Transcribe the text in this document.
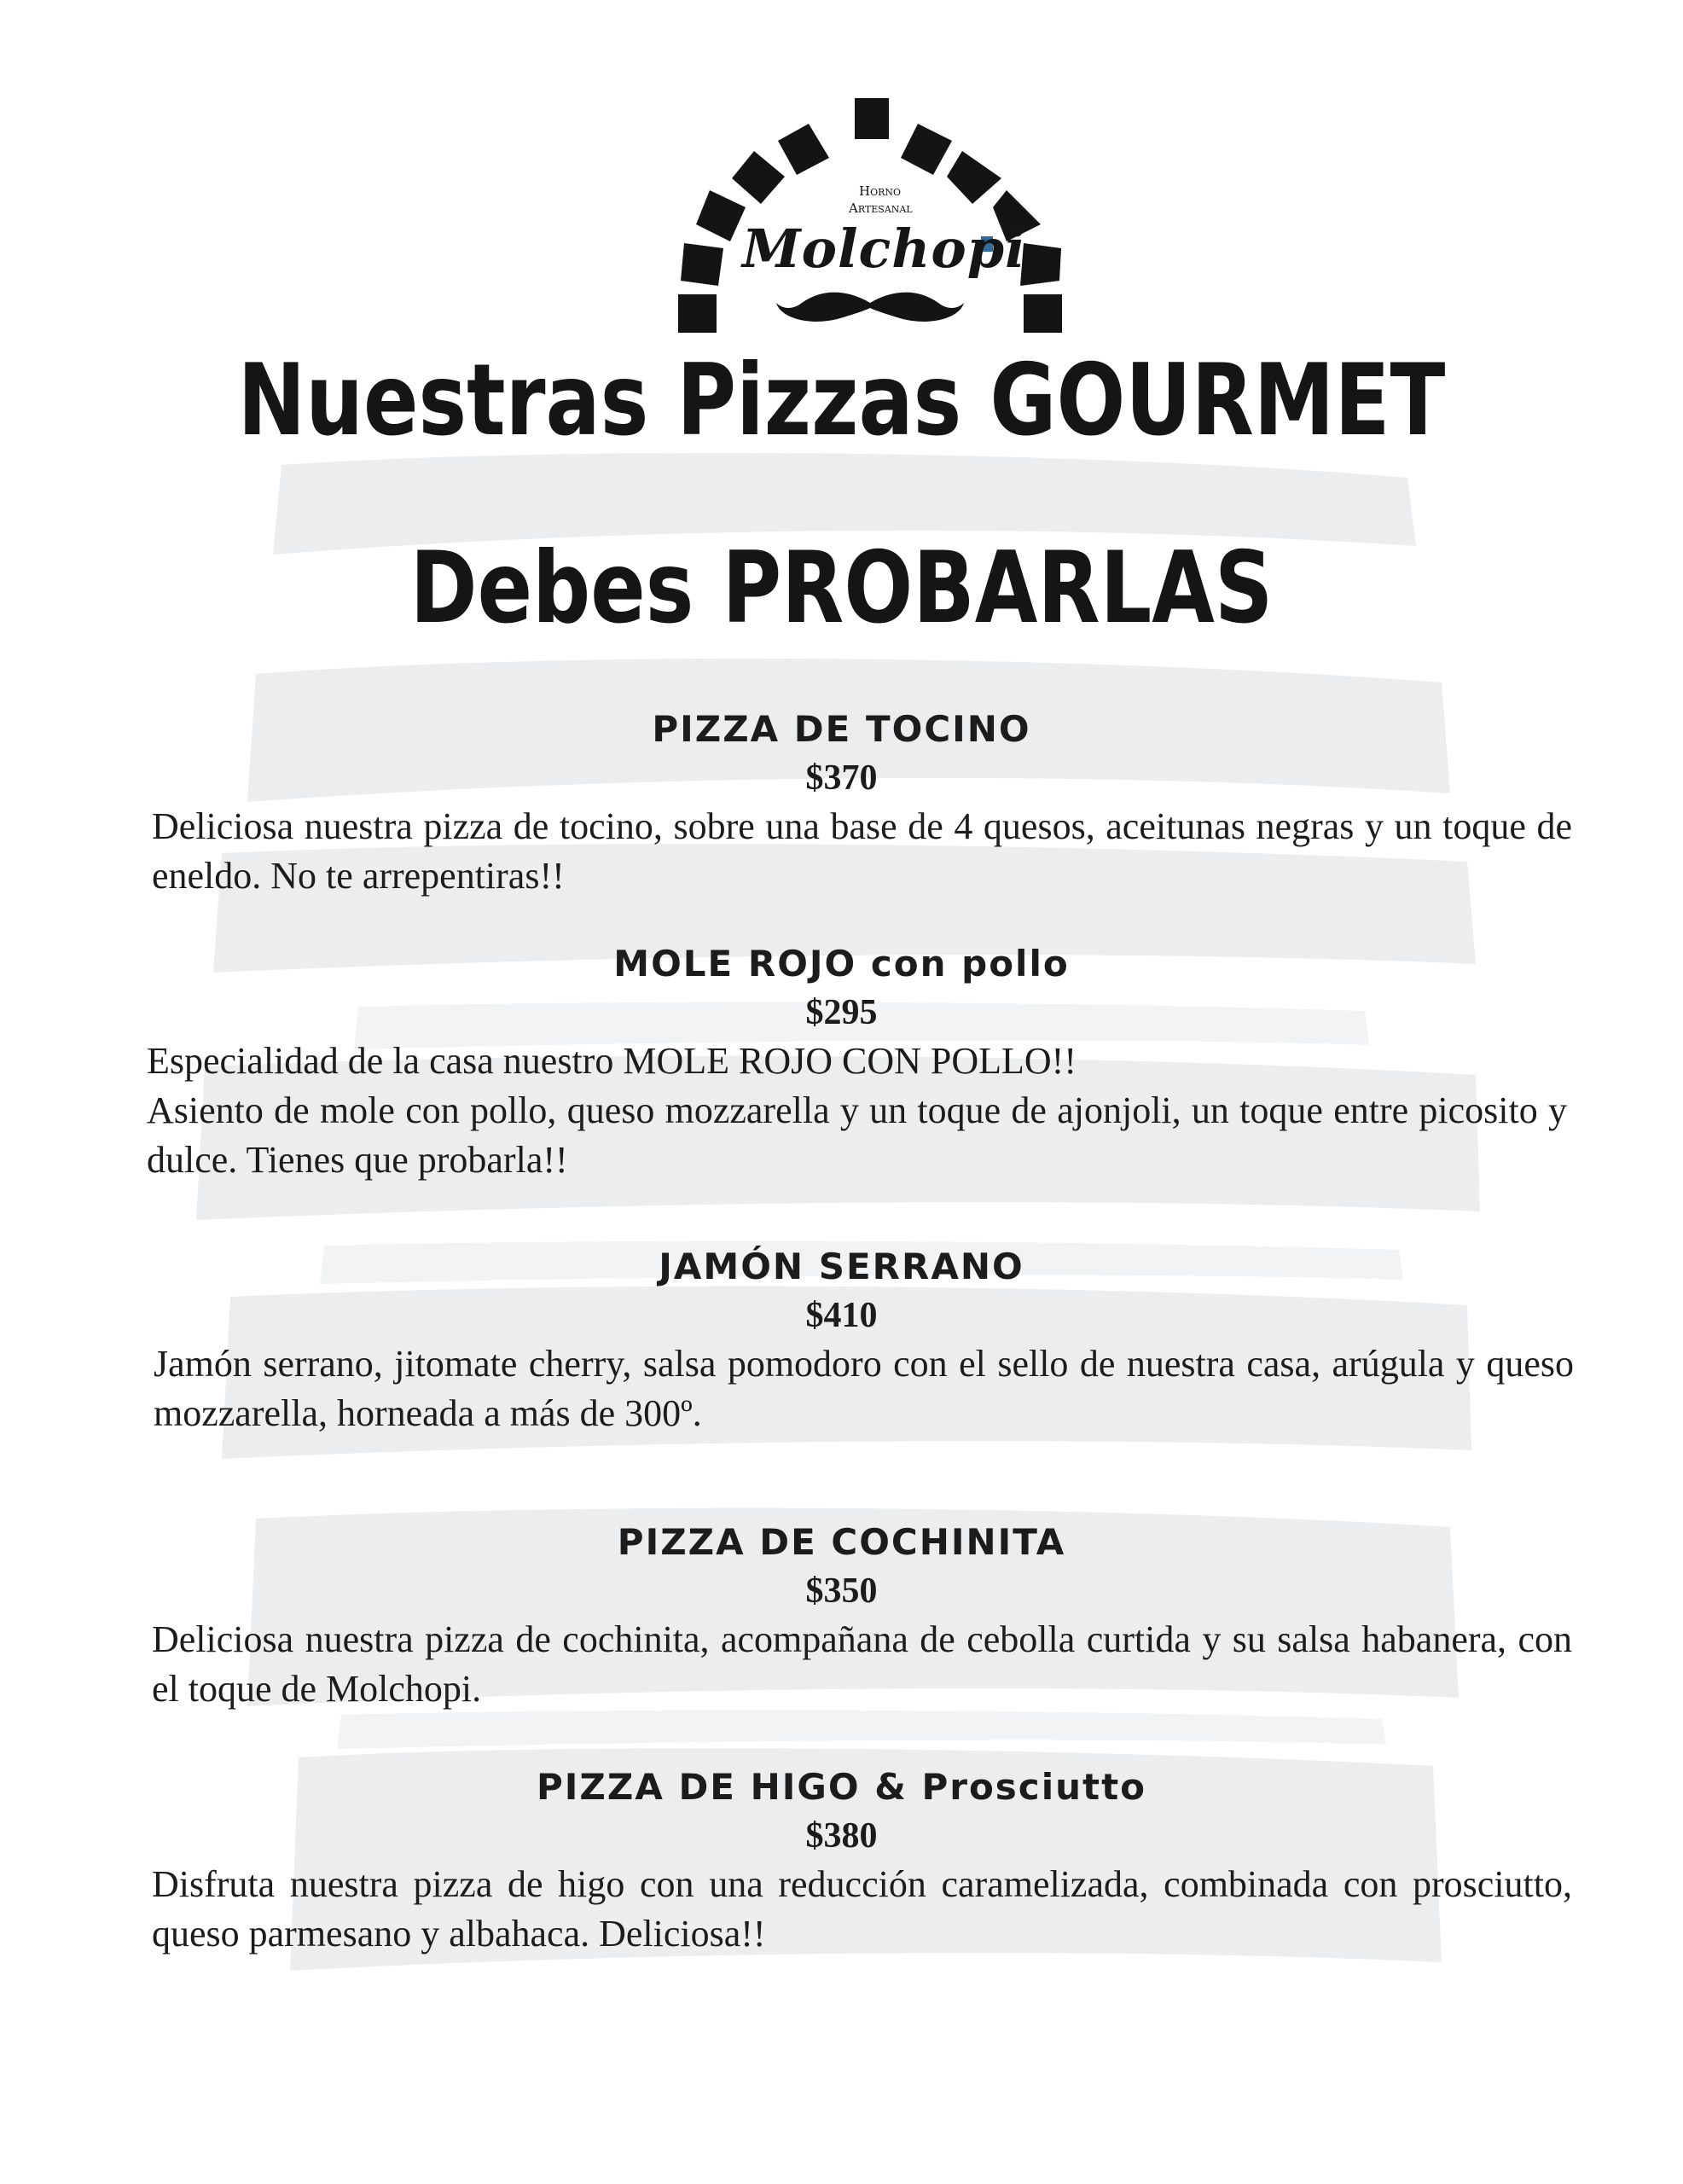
Horno
Artesanal
Molchopi
Nuestras Pizzas GOURMET
Debes PROBARLAS
PIZZA DE TOCINO
$370
Deliciosa nuestra pizza de tocino, sobre una base de 4 quesos, aceitunas negras y un toque de eneldo. No te arrepentiras!!
MOLE ROJO con pollo
$295
Especialidad de la casa nuestro MOLE ROJO CON POLLO!!
Asiento de mole con pollo, queso mozzarella y un toque de ajonjoli, un toque entre picosito y dulce. Tienes que probarla!!
JAMÓN SERRANO
$410
Jamón serrano, jitomate cherry, salsa pomodoro con el sello de nuestra casa, arúgula y queso mozzarella, horneada a más de 300º.
PIZZA DE COCHINITA
$350
Deliciosa nuestra pizza de cochinita, acompañana de cebolla curtida y su salsa habanera, con el toque de Molchopi.
PIZZA DE HIGO & Prosciutto
$380
Disfruta nuestra pizza de higo con una reducción caramelizada, combinada con prosciutto, queso parmesano y albahaca. Deliciosa!!
